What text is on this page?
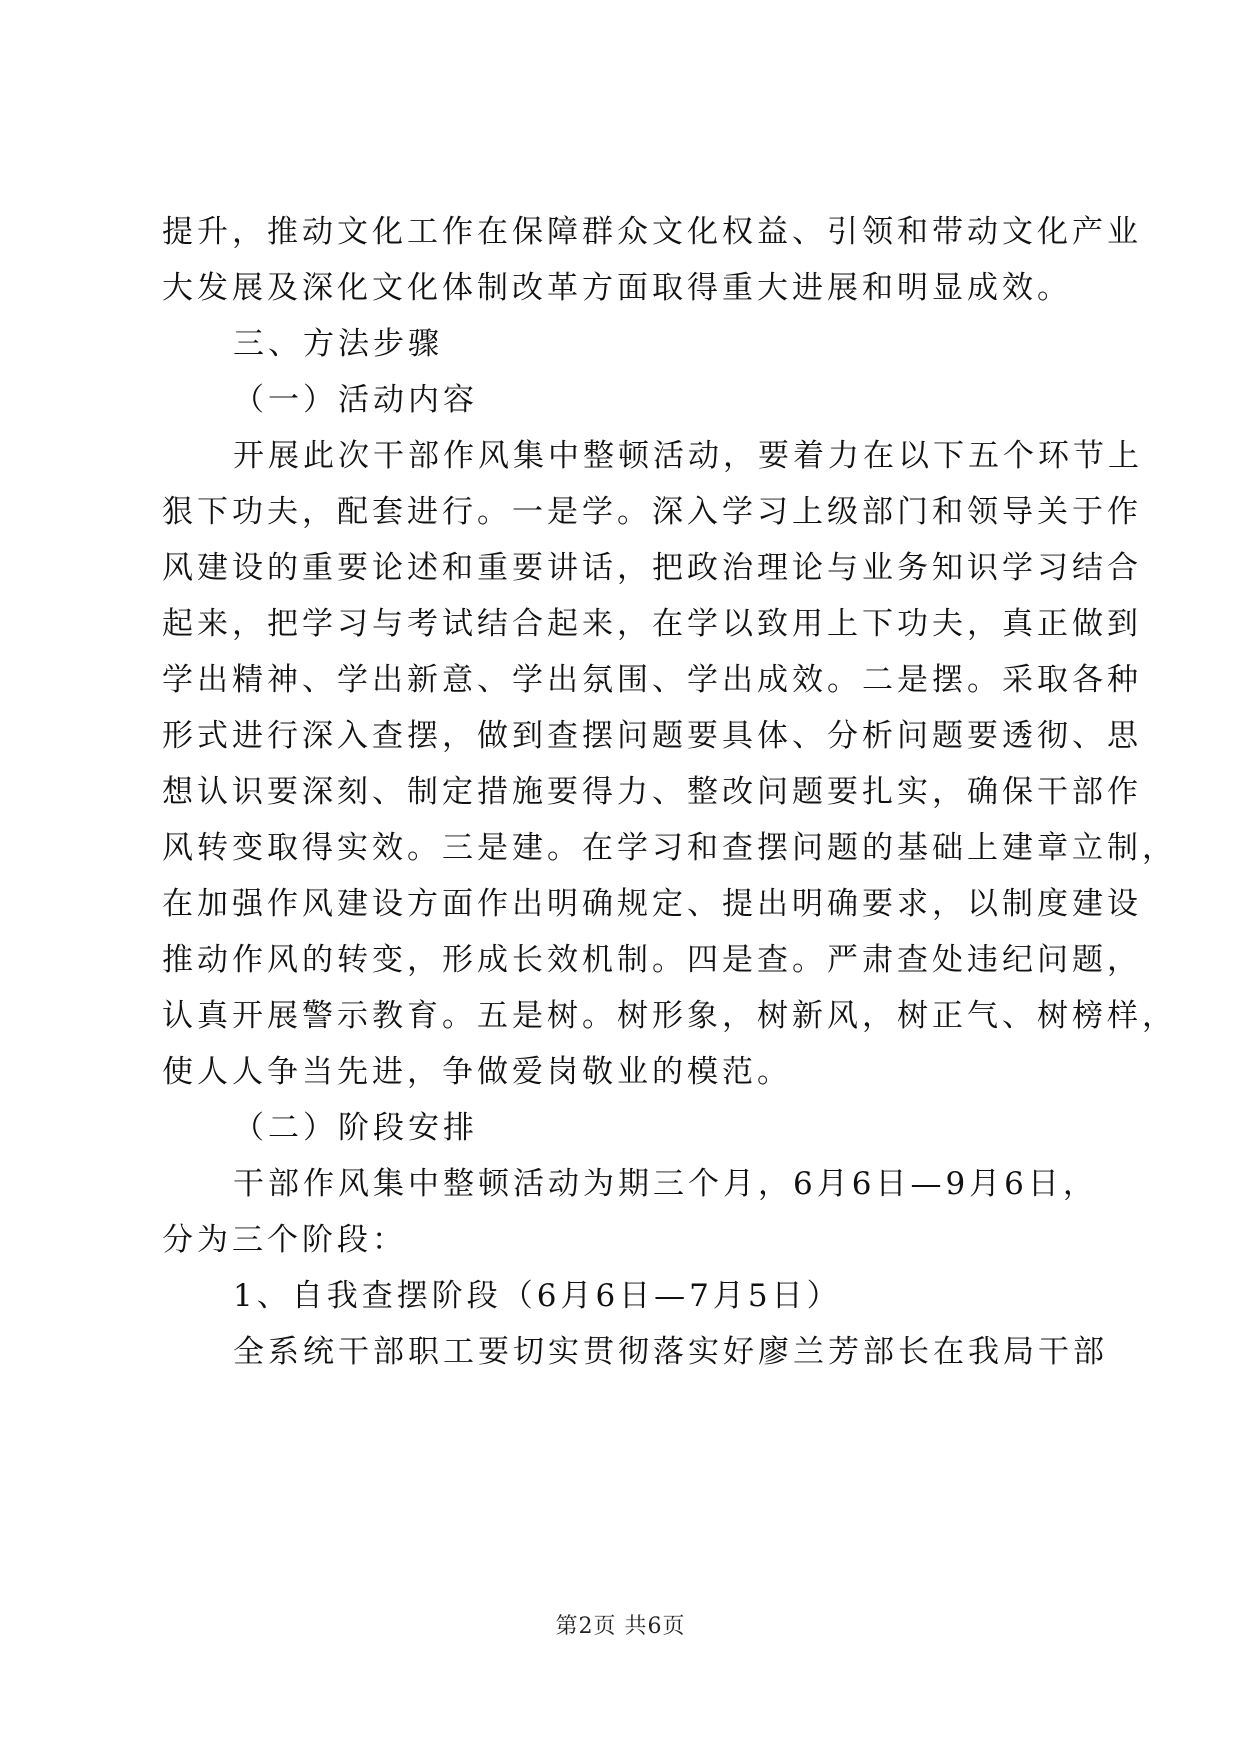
提升，推动文化工作在保障群众文化权益、引领和带动文化产业
大发展及深化文化体制改革方面取得重大进展和明显成效。
三、方法步骤
（一）活动内容
开展此次干部作风集中整顿活动，要着力在以下五个环节上
狠下功夫，配套进行。一是学。深入学习上级部门和领导关于作
风建设的重要论述和重要讲话，把政治理论与业务知识学习结合
起来，把学习与考试结合起来，在学以致用上下功夫，真正做到
学出精神、学出新意、学出氛围、学出成效。二是摆。采取各种
形式进行深入查摆，做到查摆问题要具体、分析问题要透彻、思
想认识要深刻、制定措施要得力、整改问题要扎实，确保干部作
风转变取得实效。三是建。在学习和查摆问题的基础上建章立制，
在加强作风建设方面作出明确规定、提出明确要求，以制度建设
推动作风的转变，形成长效机制。四是查。严肃查处违纪问题，
认真开展警示教育。五是树。树形象，树新风，树正气、树榜样，
使人人争当先进，争做爱岗敬业的模范。
（二）阶段安排
干部作风集中整顿活动为期三个月，6月6日—9月6日，
分为三个阶段：
1、自我查摆阶段（6月6日—7月5日）
全系统干部职工要切实贯彻落实好廖兰芳部长在我局干部
第2页 共6页
